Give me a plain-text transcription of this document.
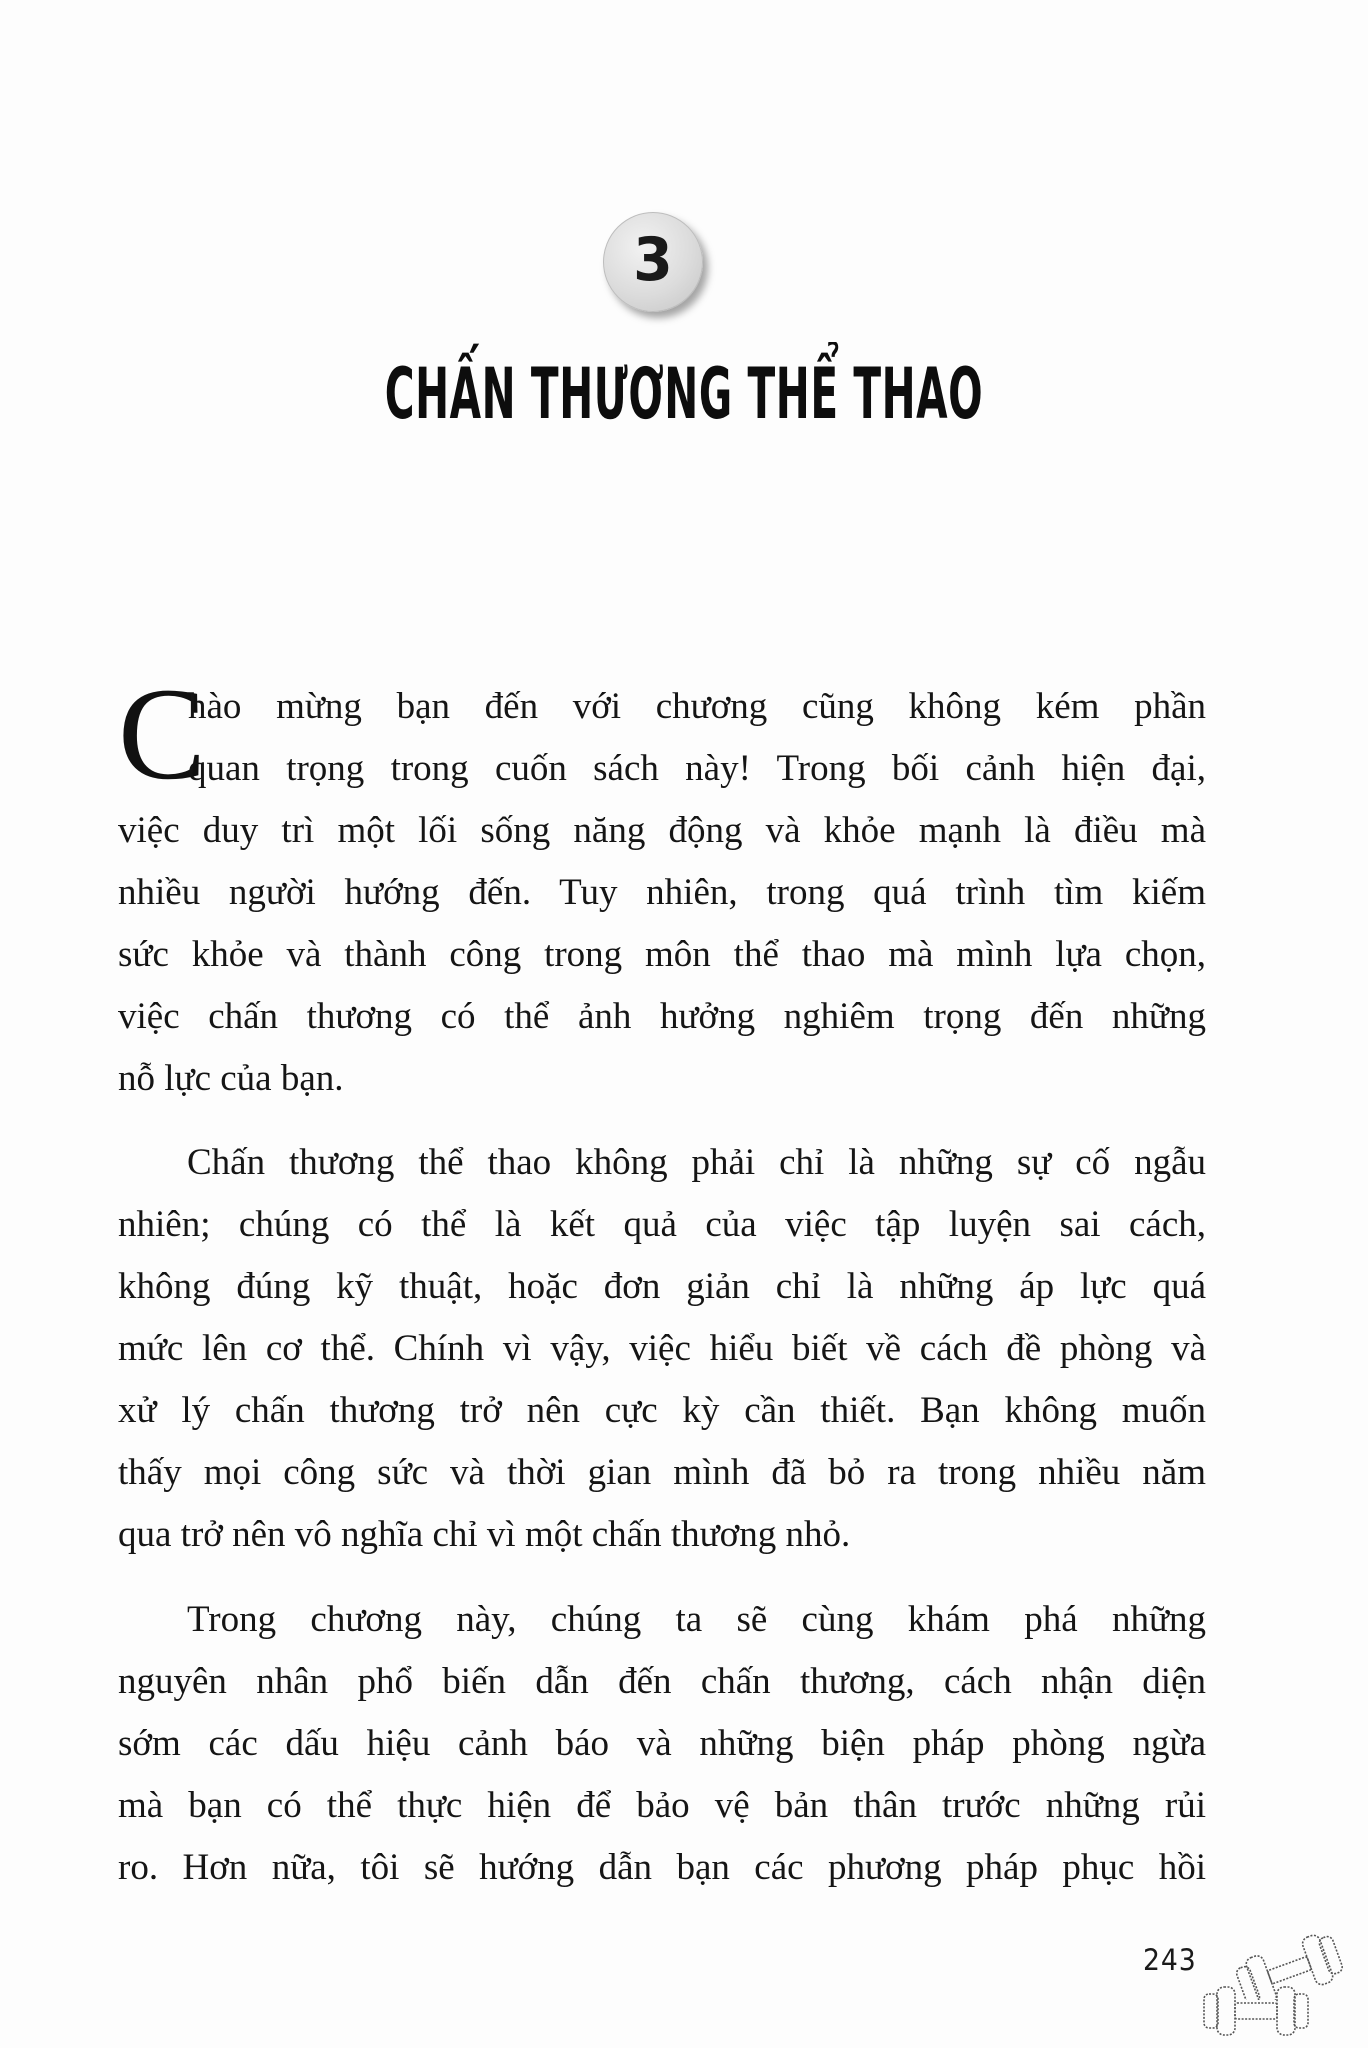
3
CHẤN THƯƠNG THỂ THAO
C
hào mừng bạn đến với chương cũng không kém phần
quan trọng trong cuốn sách này! Trong bối cảnh hiện đại,
việc duy trì một lối sống năng động và khỏe mạnh là điều mà
nhiều người hướng đến. Tuy nhiên, trong quá trình tìm kiếm
sức khỏe và thành công trong môn thể thao mà mình lựa chọn,
việc chấn thương có thể ảnh hưởng nghiêm trọng đến những
nỗ lực của bạn.
Chấn thương thể thao không phải chỉ là những sự cố ngẫu
nhiên; chúng có thể là kết quả của việc tập luyện sai cách,
không đúng kỹ thuật, hoặc đơn giản chỉ là những áp lực quá
mức lên cơ thể. Chính vì vậy, việc hiểu biết về cách đề phòng và
xử lý chấn thương trở nên cực kỳ cần thiết. Bạn không muốn
thấy mọi công sức và thời gian mình đã bỏ ra trong nhiều năm
qua trở nên vô nghĩa chỉ vì một chấn thương nhỏ.
Trong chương này, chúng ta sẽ cùng khám phá những
nguyên nhân phổ biến dẫn đến chấn thương, cách nhận diện
sớm các dấu hiệu cảnh báo và những biện pháp phòng ngừa
mà bạn có thể thực hiện để bảo vệ bản thân trước những rủi
ro. Hơn nữa, tôi sẽ hướng dẫn bạn các phương pháp phục hồi
243
